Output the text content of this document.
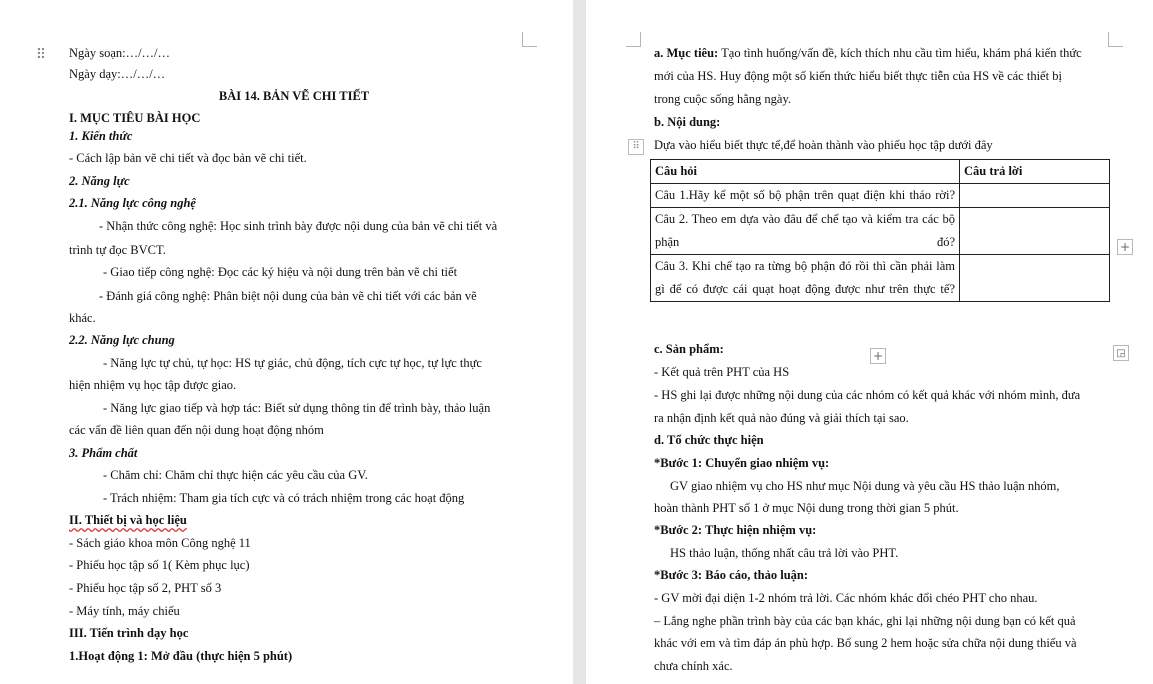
⠿ Ngày soạn:…/…/…
Ngày dạy:…/…/…
BÀI 14. BẢN VẼ CHI TIẾT
I. MỤC TIÊU BÀI HỌC
1. Kiến thức
- Cách lập bản vẽ chi tiết và đọc bản vẽ chi tiết.
2. Năng lực
2.1. Năng lực công nghệ
- Nhận thức công nghệ: Học sinh trình bày được nội dung của bản vẽ chi tiết và
trình tự đọc BVCT.
- Giao tiếp công nghệ: Đọc các ký hiệu và nội dung trên bản vẽ chi tiết
- Đánh giá công nghệ: Phân biệt nội dung của bản vẽ chi tiết với các bản vẽ
khác.
2.2. Năng lực chung
- Năng lực tự chủ, tự học: HS tự giác, chủ động, tích cực tự học, tự lực thực
hiện nhiệm vụ học tập được giao.
- Năng lực giao tiếp và hợp tác: Biết sử dụng thông tin để trình bày, thảo luận
các vấn đề liên quan đến nội dung hoạt động nhóm
3. Phẩm chất
- Chăm chỉ: Chăm chỉ thực hiện các yêu cầu của GV.
- Trách nhiệm: Tham gia tích cực và có trách nhiệm trong các hoạt động
II. Thiết bị và học liệu
- Sách giáo khoa môn Công nghệ 11
- Phiếu học tập số 1( Kèm phục lục)
- Phiếu học tập số 2, PHT số 3
- Máy tính, máy chiếu
III. Tiến trình dạy học
1.Hoạt động 1: Mở đầu (thực hiện 5 phút)
a. Mục tiêu: Tạo tình huống/vấn đề, kích thích nhu cầu tìm hiểu, khám phá kiến thức
mới của HS. Huy động một số kiến thức hiểu biết thực tiễn của HS về các thiết bị
trong cuộc sống hằng ngày.
b. Nội dung:
⠿	Dựa vào hiểu biết thực tế,để hoàn thành vào phiếu học tập dưới đây
Câu hỏi	Câu trả lời
Câu 1.Hãy kể một số bộ phận trên quạt điện khi tháo rời?	
Câu 2. Theo em dựa vào đâu để chế tạo và kiểm tra các bộ phận đó?	
Câu 3. Khi chế tạo ra từng bộ phận đó rồi thì cần phải làm gì để có được cái quạt hoạt động được như trên thực tế?	
+
+	◲
c. Sản phẩm:
- Kết quả trên PHT của HS
- HS ghi lại được những nội dung của các nhóm có kết quả khác với nhóm mình, đưa
ra nhận định kết quả nào đúng và giải thích tại sao.
d. Tổ chức thực hiện
*Bước 1: Chuyển giao nhiệm vụ:
GV giao nhiệm vụ cho HS như mục Nội dung và yêu cầu HS thảo luận nhóm,
hoàn thành PHT số 1 ở mục Nội dung trong thời gian 5 phút.
*Bước 2: Thực hiện nhiệm vụ:
HS thảo luận, thống nhất câu trả lời vào PHT.
*Bước 3: Báo cáo, thảo luận:
- GV mời đại diện 1-2 nhóm trả lời. Các nhóm khác đổi chéo PHT cho nhau.
– Lắng nghe phần trình bày của các bạn khác, ghi lại những nội dung bạn có kết quả
khác với em và tìm đáp án phù hợp. Bổ sung 2 hem hoặc sửa chữa nội dung thiếu và
chưa chính xác.
